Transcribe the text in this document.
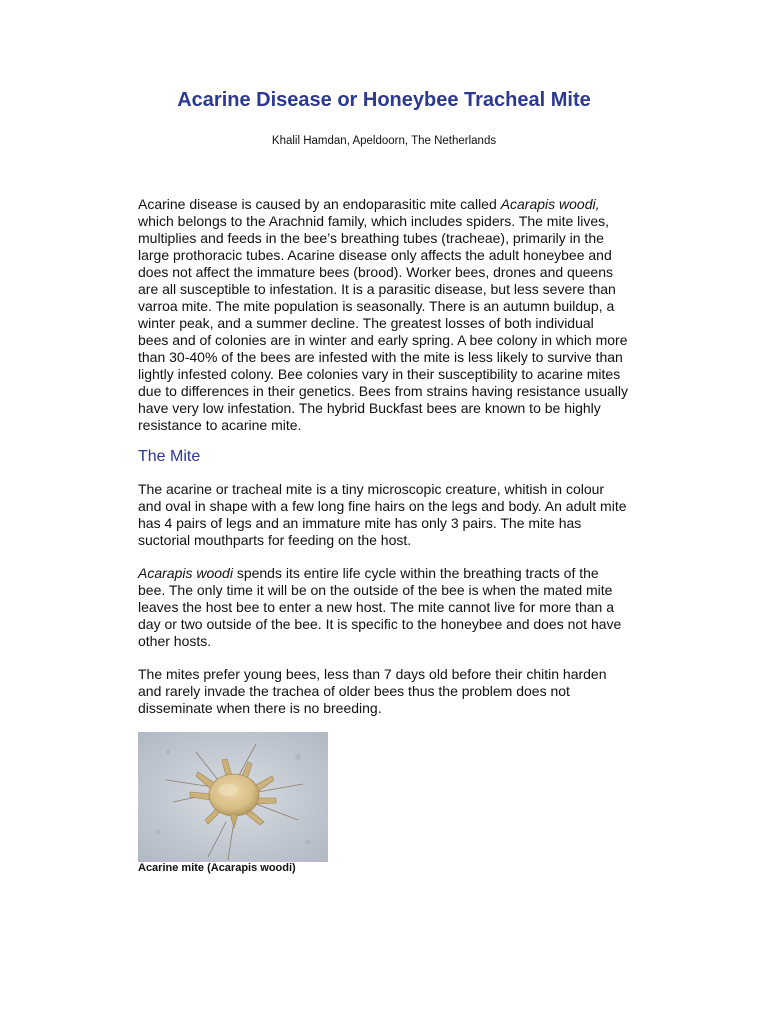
Acarine Disease or Honeybee Tracheal Mite

Khalil Hamdan, Apeldoorn, The Netherlands

Acarine disease is caused by an endoparasitic mite called Acarapis woodi, which belongs to the Arachnid family, which includes spiders. The mite lives, multiplies and feeds in the bee’s breathing tubes (tracheae), primarily in the large prothoracic tubes. Acarine disease only affects the adult honeybee and does not affect the immature bees (brood). Worker bees, drones and queens are all susceptible to infestation. It is a parasitic disease, but less severe than varroa mite. The mite population is seasonally. There is an autumn buildup, a winter peak, and a summer decline. The greatest losses of both individual bees and of colonies are in winter and early spring. A bee colony in which more than 30-40% of the bees are infested with the mite is less likely to survive than lightly infested colony. Bee colonies vary in their susceptibility to acarine mites due to differences in their genetics. Bees from strains having resistance usually have very low infestation. The hybrid Buckfast bees are known to be highly resistance to acarine mite.

The Mite

The acarine or tracheal mite is a tiny microscopic creature, whitish in colour and oval in shape with a few long fine hairs on the legs and body. An adult mite has 4 pairs of legs and an immature mite has only 3 pairs. The mite has suctorial mouthparts for feeding on the host.

Acarapis woodi spends its entire life cycle within the breathing tracts of the bee. The only time it will be on the outside of the bee is when the mated mite leaves the host bee to enter a new host. The mite cannot live for more than a day or two outside of the bee. It is specific to the honeybee and does not have other hosts.

The mites prefer young bees, less than 7 days old before their chitin harden and rarely invade the trachea of older bees thus the problem does not disseminate when there is no breeding.

Acarine mite (Acarapis woodi)
